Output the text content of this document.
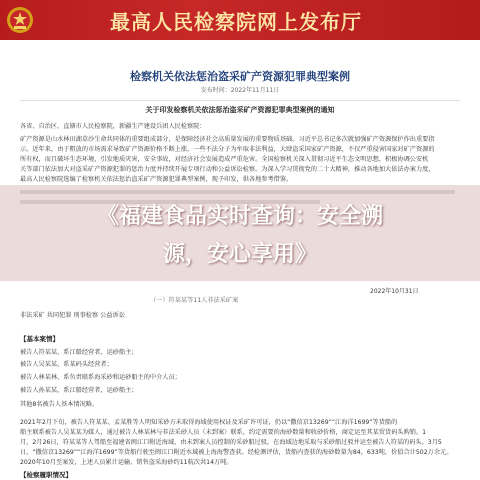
最高人民检察院网上发布厅
检察机关依法惩治盗采矿产资源犯罪典型案例
发布时间：2022年11月11日
关于印发检察机关依法惩治盗采矿产资源犯罪典型案例的通知
各省、自治区、直辖市人民检察院，新疆生产建设兵团人民检察院：
矿产资源是山水林田湖草沙生命共同体的重要组成部分，是保障经济社会高质量发展的重要物质基础。习近平总书记多次就加强矿产资源保护作出重要指
示。近年来，由于粗放的市场需求导致矿产资源价格不断上涨，一些不法分子为牟取非法利益，大肆盗采国家矿产资源，不仅严重侵害国家对矿产资源的
所有权，而且破坏生态环境，引发地质灾害，安全事故，对经济社会发展造成严重危害。全国检察机关深入贯彻习近平生态文明思想，积极协调公安机
关等部门依法加大对盗采矿产资源犯罪的惩治力度并持续开展专项行动和公益诉讼检察。为深入学习贯彻党的二十大精神，推动各地加大依法办案力度，
最高人民检察院选编了检察机关依法惩治盗采矿产资源犯罪典型案例，现予印发，供各地参考借鉴。
2022年10月31日
（一）符某某等11人非法采矿案
非法采矿 共同犯罪 刑事检察 公益诉讼
【基本案情】
被告人符某某，系江船经营者，运砂船主；
被告人吴某某，系某码头经营者；
被告人林某林，系负责联系海采砂和运砂船主的中介人员；
被告人孙某某，系江船经营者，运砂船主；
其他8名被告人基本情况略。
2021年2月下旬，被告人符某某、孟某胜等人明知采砂方未取得海域使用权证及采矿许可证，仍以“撒信京13269”“江海洋1699”等货船的
船主联系被告人吴某某为媒人，通过被告人林某林与非法采砂人员（未到案）联系，约定需要的海砂数量和收砂价格，商定运至其某贸货码头购销。1
月，2月26日，符某某等人驾船至福建省闽江口附近海域，由未到案人员控制的采砂船过驳，在海域边地采取与采砂船过驳并运至被告人符某的码头。3月5
日，“撒信京13269”“江海洋1699”等货船行驶至闽江口附近水域被上海海警查获。经检测评估，货船内查获的海砂数量为84，633吨，价值合计502万余元。
2020年10月至案发，上述人员累计运输、销售盗采海砂约11航次共14万吨。
【检察履职情况】
《福建食品实时查询：安全溯
源，安心享用》
